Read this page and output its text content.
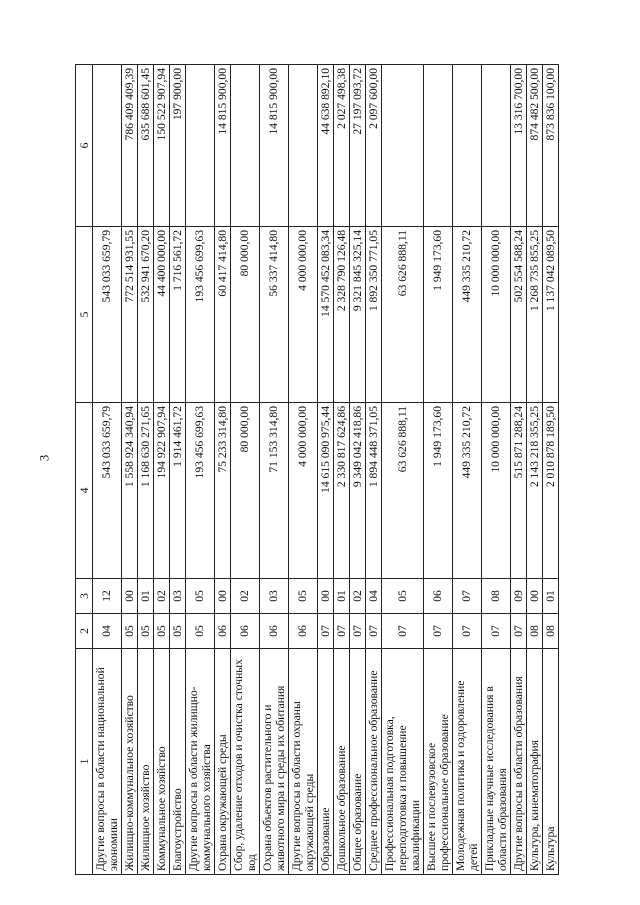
3
1	2	3	4	5	6
Другие вопросы в области национальной экономики	04	12	543 033 659,79	543 033 659,79	
Жилищно-коммунальное хозяйство	05	00	1 558 924 340,94	772 514 931,55	786 409 409,39
Жилищное хозяйство	05	01	1 168 630 271,65	532 941 670,20	635 688 601,45
Коммунальное хозяйство	05	02	194 922 907,94	44 400 000,00	150 522 907,94
Благоустройство	05	03	1 914 461,72	1 716 561,72	197 900,00
Другие вопросы в области жилищно-коммунального хозяйства	05	05	193 456 699,63	193 456 699,63	
Охрана окружающей среды	06	00	75 233 314,80	60 417 414,80	14 815 900,00
Сбор, удаление отходов и очистка сточных вод	06	02	80 000,00	80 000,00	
Охрана объектов растительного и животного мира и среды их обитания	06	03	71 153 314,80	56 337 414,80	14 815 900,00
Другие вопросы в области охраны окружающей среды	06	05	4 000 000,00	4 000 000,00	
Образование	07	00	14 615 090 975,44	14 570 452 083,34	44 638 892,10
Дошкольное образование	07	01	2 330 817 624,86	2 328 790 126,48	2 027 498,38
Общее образование	07	02	9 349 042 418,86	9 321 845 325,14	27 197 093,72
Среднее профессиональное образование	07	04	1 894 448 371,05	1 892 350 771,05	2 097 600,00
Профессиональная подготовка, переподготовка и повышение квалификации	07	05	63 626 888,11	63 626 888,11	
Высшее и послевузовское профессиональное образование	07	06	1 949 173,60	1 949 173,60	
Молодежная политика и оздоровление детей	07	07	449 335 210,72	449 335 210,72	
Прикладные научные исследования в области образования	07	08	10 000 000,00	10 000 000,00	
Другие вопросы в области образования	07	09	515 871 288,24	502 554 588,24	13 316 700,00
Культура, кинематография	08	00	2 143 218 355,25	1 268 735 855,25	874 482 500,00
Культура	08	01	2 010 878 189,50	1 137 042 089,50	873 836 100,00
